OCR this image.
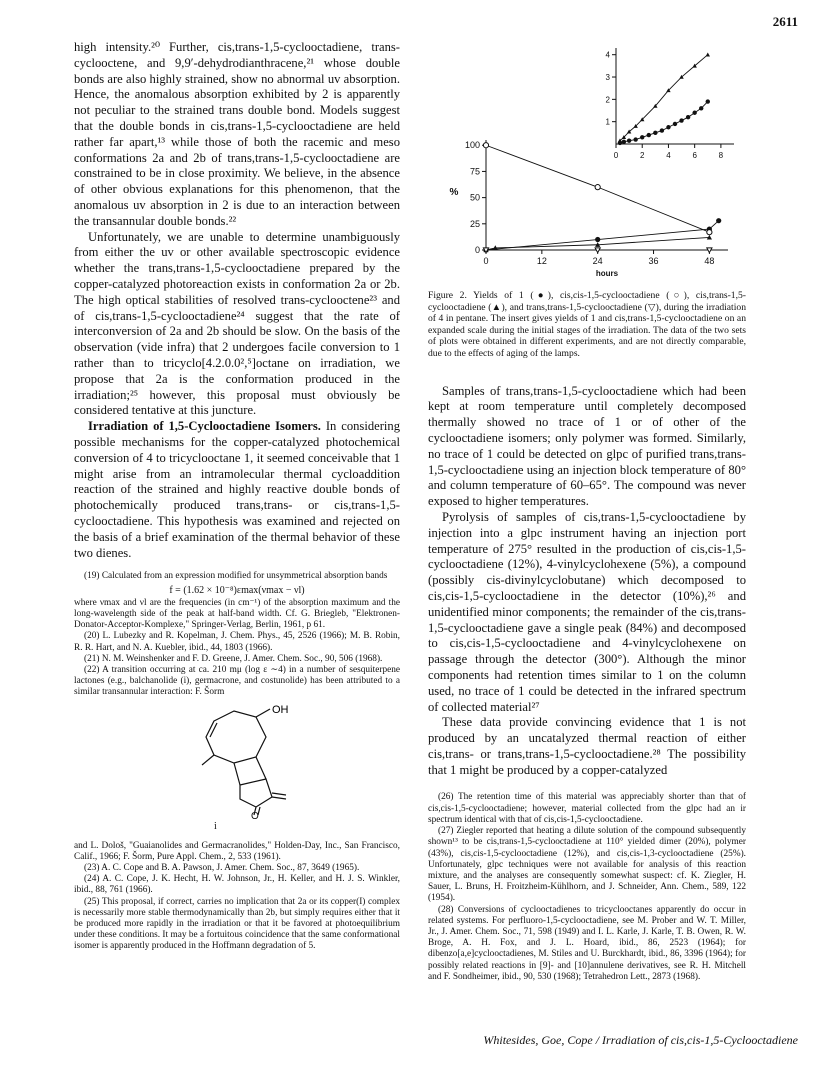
2611

high intensity.²⁰ Further, cis,trans-1,5-cyclooctadiene, trans-cyclooctene, and 9,9′-dehydrodianthracene,²¹ whose double bonds are also highly strained, show no abnormal uv absorption. Hence, the anomalous absorption exhibited by 2 is apparently not peculiar to the strained trans double bond. Models suggest that the double bonds in cis,trans-1,5-cyclooctadiene are held rather far apart,¹³ while those of both the racemic and meso conformations 2a and 2b of trans,trans-1,5-cyclooctadiene are constrained to be in close proximity. We believe, in the absence of other obvious explanations for this phenomenon, that the anomalous uv absorption in 2 is due to an interaction between the transannular double bonds.²²

Unfortunately, we are unable to determine unambiguously from either the uv or other available spectroscopic evidence whether the trans,trans-1,5-cyclooctadiene prepared by the copper-catalyzed photoreaction exists in conformation 2a or 2b. The high optical stabilities of resolved trans-cyclooctene²³ and of cis,trans-1,5-cyclooctadiene²⁴ suggest that the rate of interconversion of 2a and 2b should be slow. On the basis of the observation (vide infra) that 2 undergoes facile conversion to 1 rather than to tricyclo[4.2.0.0²,⁵]octane on irradiation, we propose that 2a is the conformation produced in the irradiation;²⁵ however, this proposal must obviously be considered tentative at this juncture.

Irradiation of 1,5-Cyclooctadiene Isomers. In considering possible mechanisms for the copper-catalyzed photochemical conversion of 4 to tricyclooctane 1, it seemed conceivable that 1 might arise from an intramolecular thermal cycloaddition reaction of the strained and highly reactive double bonds of photochemically produced trans,trans- or cis,trans-1,5-cyclooctadiene. This hypothesis was examined and rejected on the basis of a brief examination of the thermal behavior of these two dienes.

(19) Calculated from an expression modified for unsymmetrical absorption bands

f = (1.62 × 10⁻⁸)εmax(νmax − νl)

where νmax and νl are the frequencies (in cm⁻¹) of the absorption maximum and the long-wavelength side of the peak at half-band width. Cf. G. Briegleb, "Elektronen-Donator-Acceptor-Komplexe," Springer-Verlag, Berlin, 1961, p 61.

(20) L. Lubezky and R. Kopelman, J. Chem. Phys., 45, 2526 (1966); M. B. Robin, R. R. Hart, and N. A. Kuebler, ibid., 44, 1803 (1966).

(21) N. M. Weinshenker and F. D. Greene, J. Amer. Chem. Soc., 90, 506 (1968).

(22) A transition occurring at ca. 210 mμ (log ε ∼4) in a number of sesquiterpene lactones (e.g., balchanolide (i), germacrone, and costunolide) has been attributed to a similar transannular interaction: F. Šorm

OH
O
i

and L. Dološ, "Guaianolides and Germacranolides," Holden-Day, Inc., San Francisco, Calif., 1966; F. Šorm, Pure Appl. Chem., 2, 533 (1961).

(23) A. C. Cope and B. A. Pawson, J. Amer. Chem. Soc., 87, 3649 (1965).

(24) A. C. Cope, J. K. Hecht, H. W. Johnson, Jr., H. Keller, and H. J. S. Winkler, ibid., 88, 761 (1966).

(25) This proposal, if correct, carries no implication that 2a or its copper(I) complex is necessarily more stable thermodynamically than 2b, but simply requires either that it be produced more rapidly in the irradiation or that it be favored at photoequilibrium under these conditions. It may be a fortuitous coincidence that the same conformational isomer is apparently produced in the Hoffmann degradation of 5.

0	12	24	36	48
0
25
50
75
100
hours
%
0	2	4	6	8
1
2
3
4
Figure 2. Yields of 1 (●), cis,cis-1,5-cyclooctadiene (○), cis,trans-1,5-cyclooctadiene (▲), and trans,trans-1,5-cyclooctadiene (▽), during the irradiation of 4 in pentane. The insert gives yields of 1 and cis,trans-1,5-cyclooctadiene on an expanded scale during the initial stages of the irradiation. The data of the two sets of plots were obtained in different experiments, and are not directly comparable, due to the effects of aging of the lamps.

Samples of trans,trans-1,5-cyclooctadiene which had been kept at room temperature until completely decomposed thermally showed no trace of 1 or of other of the cyclooctadiene isomers; only polymer was formed. Similarly, no trace of 1 could be detected on glpc of purified trans,trans-1,5-cyclooctadiene using an injection block temperature of 80° and column temperature of 60–65°. The compound was never exposed to higher temperatures.

Pyrolysis of samples of cis,trans-1,5-cyclooctadiene by injection into a glpc instrument having an injection port temperature of 275° resulted in the production of cis,cis-1,5-cyclooctadiene (12%), 4-vinylcyclohexene (5%), a compound (possibly cis-divinylcyclobutane) which decomposed to cis,cis-1,5-cyclooctadiene in the detector (10%),²⁶ and unidentified minor components; the remainder of the cis,trans-1,5-cyclooctadiene gave a single peak (84%) and decomposed to cis,cis-1,5-cyclooctadiene and 4-vinylcyclohexene on passage through the detector (300°). Although the minor components had retention times similar to 1 on the column used, no trace of 1 could be detected in the infrared spectrum of collected material²⁷

These data provide convincing evidence that 1 is not produced by an uncatalyzed thermal reaction of either cis,trans- or trans,trans-1,5-cyclooctadiene.²⁸ The possibility that 1 might be produced by a copper-catalyzed

(26) The retention time of this material was appreciably shorter than that of cis,cis-1,5-cyclooctadiene; however, material collected from the glpc had an ir spectrum identical with that of cis,cis-1,5-cyclooctadiene.

(27) Ziegler reported that heating a dilute solution of the compound subsequently shown¹³ to be cis,trans-1,5-cyclooctadiene at 110° yielded dimer (20%), polymer (43%), cis,cis-1,5-cyclooctadiene (12%), and cis,cis-1,3-cyclooctadiene (25%). Unfortunately, glpc techniques were not available for analysis of this reaction mixture, and the analyses are consequently somewhat suspect: cf. K. Ziegler, H. Sauer, L. Bruns, H. Froitzheim-Kühlhorn, and J. Schneider, Ann. Chem., 589, 122 (1954).

(28) Conversions of cyclooctadienes to tricyclooctanes apparently do occur in related systems. For perfluoro-1,5-cyclooctadiene, see M. Prober and W. T. Miller, Jr., J. Amer. Chem. Soc., 71, 598 (1949) and I. L. Karle, J. Karle, T. B. Owen, R. W. Broge, A. H. Fox, and J. L. Hoard, ibid., 86, 2523 (1964); for dibenzo[a,e]cyclooctadienes, M. Stiles and U. Burckhardt, ibid., 86, 3396 (1964); for possibly related reactions in [9]- and [10]annulene derivatives, see R. H. Mitchell and F. Sondheimer, ibid., 90, 530 (1968); Tetrahedron Lett., 2873 (1968).

Whitesides, Goe, Cope / Irradiation of cis,cis-1,5-Cyclooctadiene
